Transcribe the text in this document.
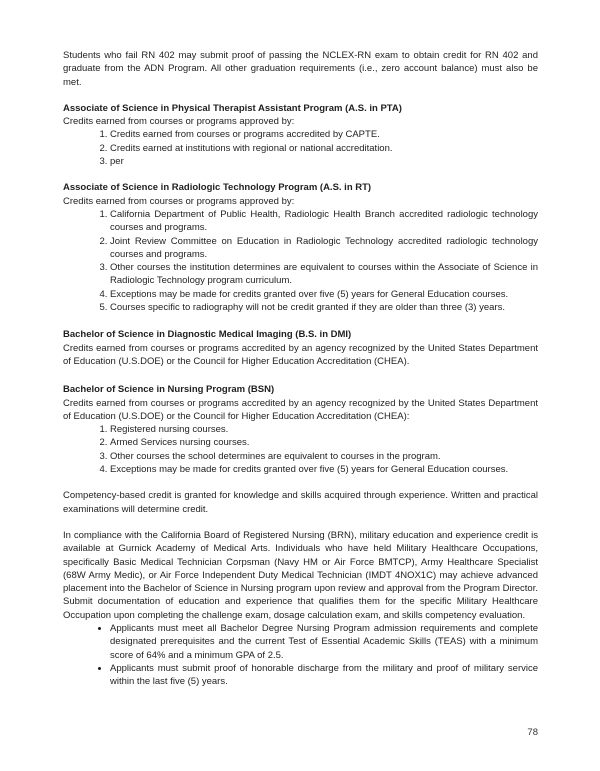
Students who fail RN 402 may submit proof of passing the NCLEX-RN exam to obtain credit for RN 402 and graduate from the ADN Program. All other graduation requirements (i.e., zero account balance) must also be met.

Associate of Science in Physical Therapist Assistant Program (A.S. in PTA)

Credits earned from courses or programs approved by:

1. Credits earned from courses or programs accredited by CAPTE.
2. Credits earned at institutions with regional or national accreditation.
3. per

Associate of Science in Radiologic Technology Program (A.S. in RT)

Credits earned from courses or programs approved by:

1. California Department of Public Health, Radiologic Health Branch accredited radiologic technology courses and programs.
2. Joint Review Committee on Education in Radiologic Technology accredited radiologic technology courses and programs.
3. Other courses the institution determines are equivalent to courses within the Associate of Science in Radiologic Technology program curriculum.
4. Exceptions may be made for credits granted over five (5) years for General Education courses.
5. Courses specific to radiography will not be credit granted if they are older than three (3) years.

Bachelor of Science in Diagnostic Medical Imaging (B.S. in DMI)

Credits earned from courses or programs accredited by an agency recognized by the United States Department of Education (U.S.DOE) or the Council for Higher Education Accreditation (CHEA).

Bachelor of Science in Nursing Program (BSN)

Credits earned from courses or programs accredited by an agency recognized by the United States Department of Education (U.S.DOE) or the Council for Higher Education Accreditation (CHEA):

1. Registered nursing courses.
2. Armed Services nursing courses.
3. Other courses the school determines are equivalent to courses in the program.
4. Exceptions may be made for credits granted over five (5) years for General Education courses.

Competency-based credit is granted for knowledge and skills acquired through experience. Written and practical examinations will determine credit.

In compliance with the California Board of Registered Nursing (BRN), military education and experience credit is available at Gurnick Academy of Medical Arts. Individuals who have held Military Healthcare Occupations, specifically Basic Medical Technician Corpsman (Navy HM or Air Force BMTCP), Army Healthcare Specialist (68W Army Medic), or Air Force Independent Duty Medical Technician (IMDT 4NOX1C) may achieve advanced placement into the Bachelor of Science in Nursing program upon review and approval from the Program Director. Submit documentation of education and experience that qualifies them for the specific Military Healthcare Occupation upon completing the challenge exam, dosage calculation exam, and skills competency evaluation.

• Applicants must meet all Bachelor Degree Nursing Program admission requirements and complete designated prerequisites and the current Test of Essential Academic Skills (TEAS) with a minimum score of 64% and a minimum GPA of 2.5.
• Applicants must submit proof of honorable discharge from the military and proof of military service within the last five (5) years.
78
